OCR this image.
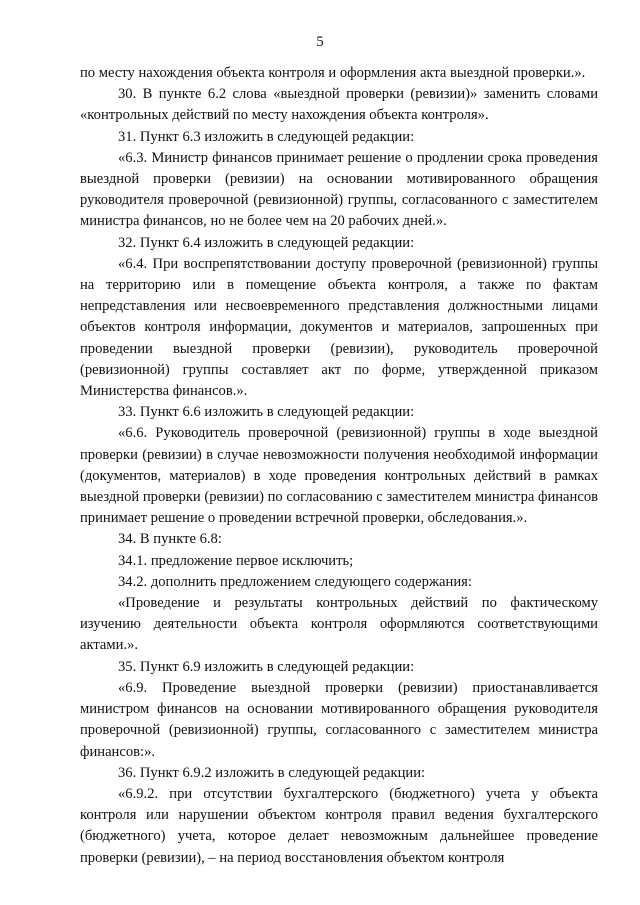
5

по месту нахождения объекта контроля и оформления акта выездной проверки.».

30. В пункте 6.2 слова «выездной проверки (ревизии)» заменить словами «контрольных действий по месту нахождения объекта контроля».

31. Пункт 6.3 изложить в следующей редакции:

«6.3. Министр финансов принимает решение о продлении срока проведения выездной проверки (ревизии) на основании мотивированного обращения руководителя проверочной (ревизионной) группы, согласованного с заместителем министра финансов, но не более чем на 20 рабочих дней.».

32. Пункт 6.4 изложить в следующей редакции:

«6.4. При воспрепятствовании доступу проверочной (ревизионной) группы на территорию или в помещение объекта контроля, а также по фактам непредставления или несвоевременного представления должностными лицами объектов контроля информации, документов и материалов, запрошенных при проведении выездной проверки (ревизии), руководитель проверочной (ревизионной) группы составляет акт по форме, утвержденной приказом Министерства финансов.».

33. Пункт 6.6 изложить в следующей редакции:

«6.6. Руководитель проверочной (ревизионной) группы в ходе выездной проверки (ревизии) в случае невозможности получения необходимой информации (документов, материалов) в ходе проведения контрольных действий в рамках выездной проверки (ревизии) по согласованию с заместителем министра финансов принимает решение о проведении встречной проверки, обследования.».

34. В пункте 6.8:

34.1. предложение первое исключить;

34.2. дополнить предложением следующего содержания:

«Проведение и результаты контрольных действий по фактическому изучению деятельности объекта контроля оформляются соответствующими актами.».

35. Пункт 6.9 изложить в следующей редакции:

«6.9. Проведение выездной проверки (ревизии) приостанавливается министром финансов на основании мотивированного обращения руководителя проверочной (ревизионной) группы, согласованного с заместителем министра финансов:».

36. Пункт 6.9.2 изложить в следующей редакции:

«6.9.2. при отсутствии бухгалтерского (бюджетного) учета у объекта контроля или нарушении объектом контроля правил ведения бухгалтерского (бюджетного) учета, которое делает невозможным дальнейшее проведение проверки (ревизии), – на период восстановления объектом контроля
